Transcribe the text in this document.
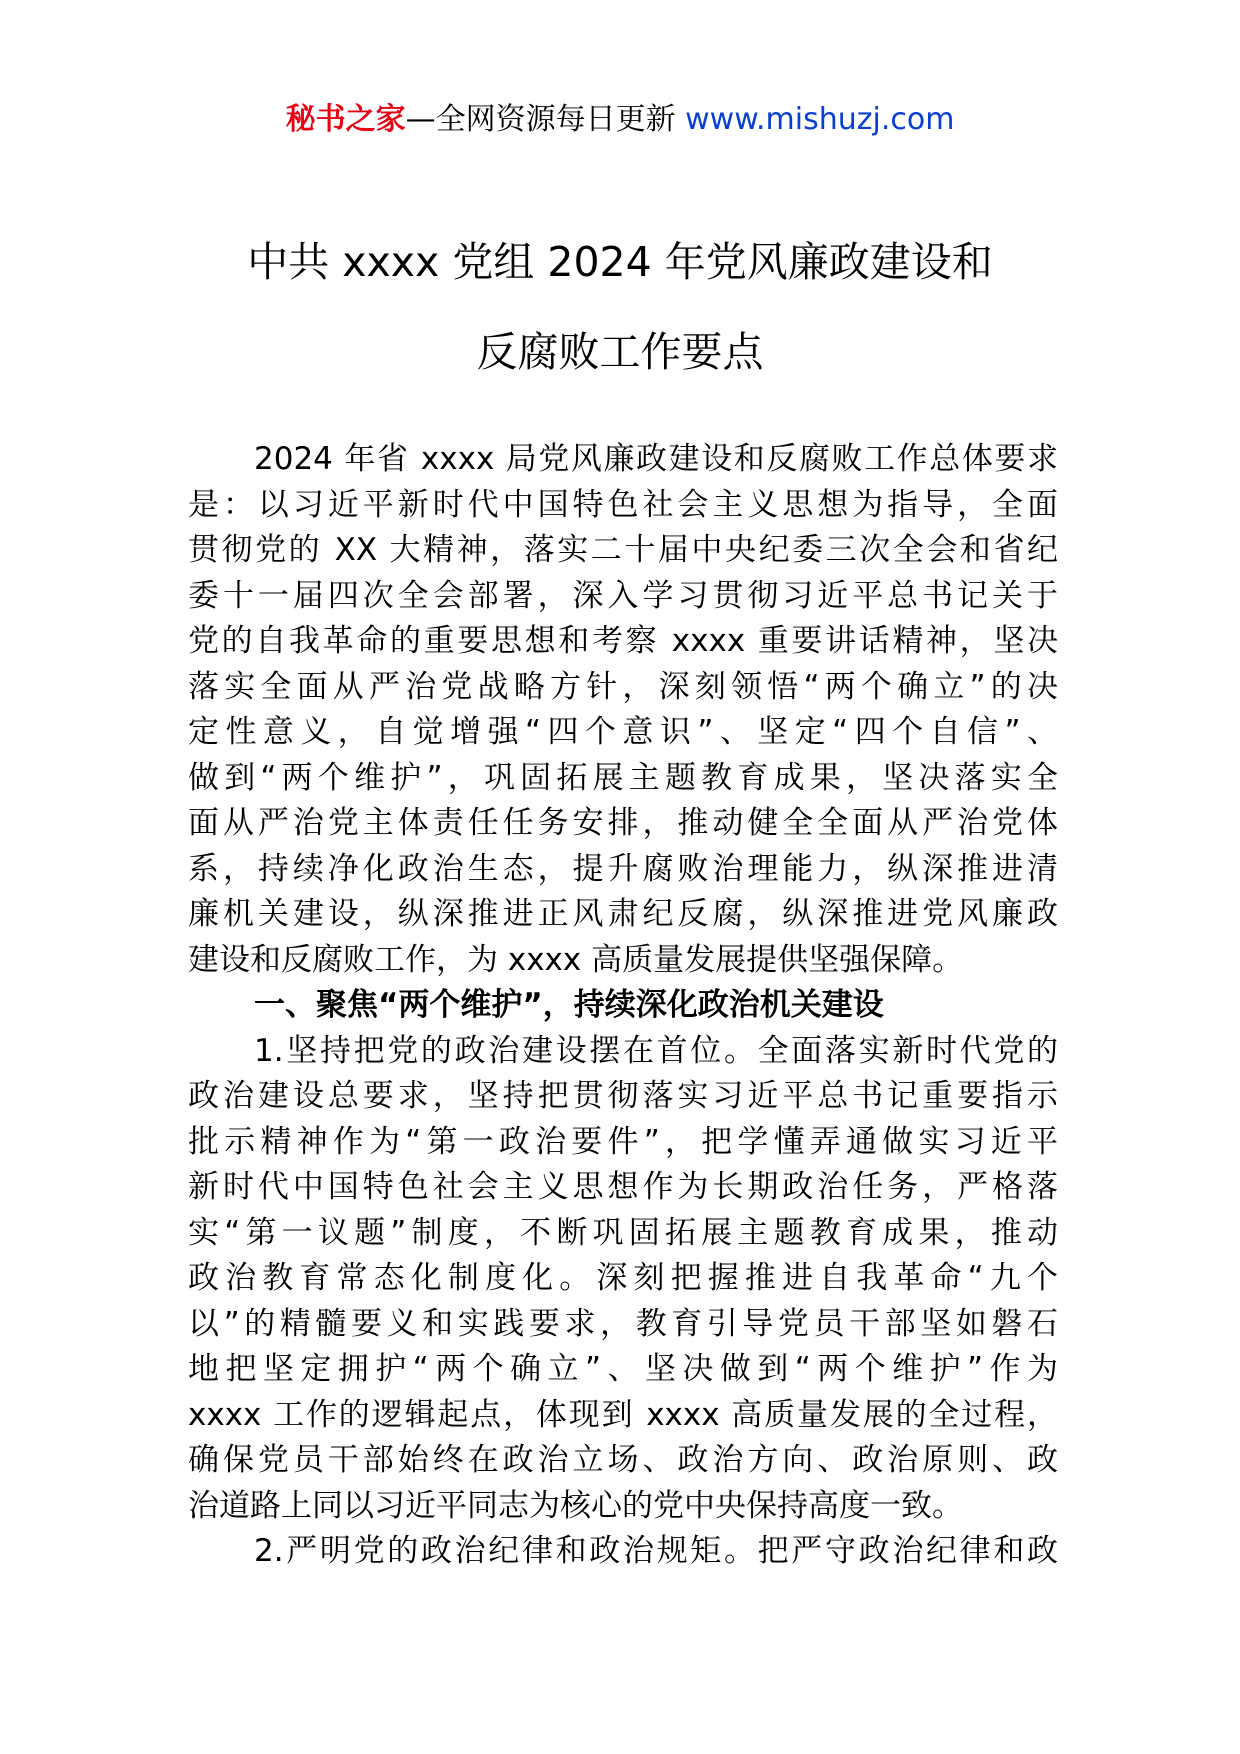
秘书之家—全网资源每日更新 www.mishuzj.com
中共 xxxx 党组 2024 年党风廉政建设和
反腐败工作要点
2024 年省 xxxx 局党风廉政建设和反腐败工作总体要求
是：以习近平新时代中国特色社会主义思想为指导，全面
贯彻党的 XX 大精神，落实二十届中央纪委三次全会和省纪
委十一届四次全会部署，深入学习贯彻习近平总书记关于
党的自我革命的重要思想和考察 xxxx 重要讲话精神，坚决
落实全面从严治党战略方针，深刻领悟“两个确立”的决
定性意义，自觉增强“四个意识”、坚定“四个自信”、
做到“两个维护”，巩固拓展主题教育成果，坚决落实全
面从严治党主体责任任务安排，推动健全全面从严治党体
系，持续净化政治生态，提升腐败治理能力，纵深推进清
廉机关建设，纵深推进正风肃纪反腐，纵深推进党风廉政
建设和反腐败工作，为 xxxx 高质量发展提供坚强保障。
一、聚焦“两个维护”，持续深化政治机关建设
1.坚持把党的政治建设摆在首位。全面落实新时代党的
政治建设总要求，坚持把贯彻落实习近平总书记重要指示
批示精神作为“第一政治要件”，把学懂弄通做实习近平
新时代中国特色社会主义思想作为长期政治任务，严格落
实“第一议题”制度，不断巩固拓展主题教育成果，推动
政治教育常态化制度化。深刻把握推进自我革命“九个
以”的精髓要义和实践要求，教育引导党员干部坚如磐石
地把坚定拥护“两个确立”、坚决做到“两个维护”作为
xxxx 工作的逻辑起点，体现到 xxxx 高质量发展的全过程，
确保党员干部始终在政治立场、政治方向、政治原则、政
治道路上同以习近平同志为核心的党中央保持高度一致。
2.严明党的政治纪律和政治规矩。把严守政治纪律和政
